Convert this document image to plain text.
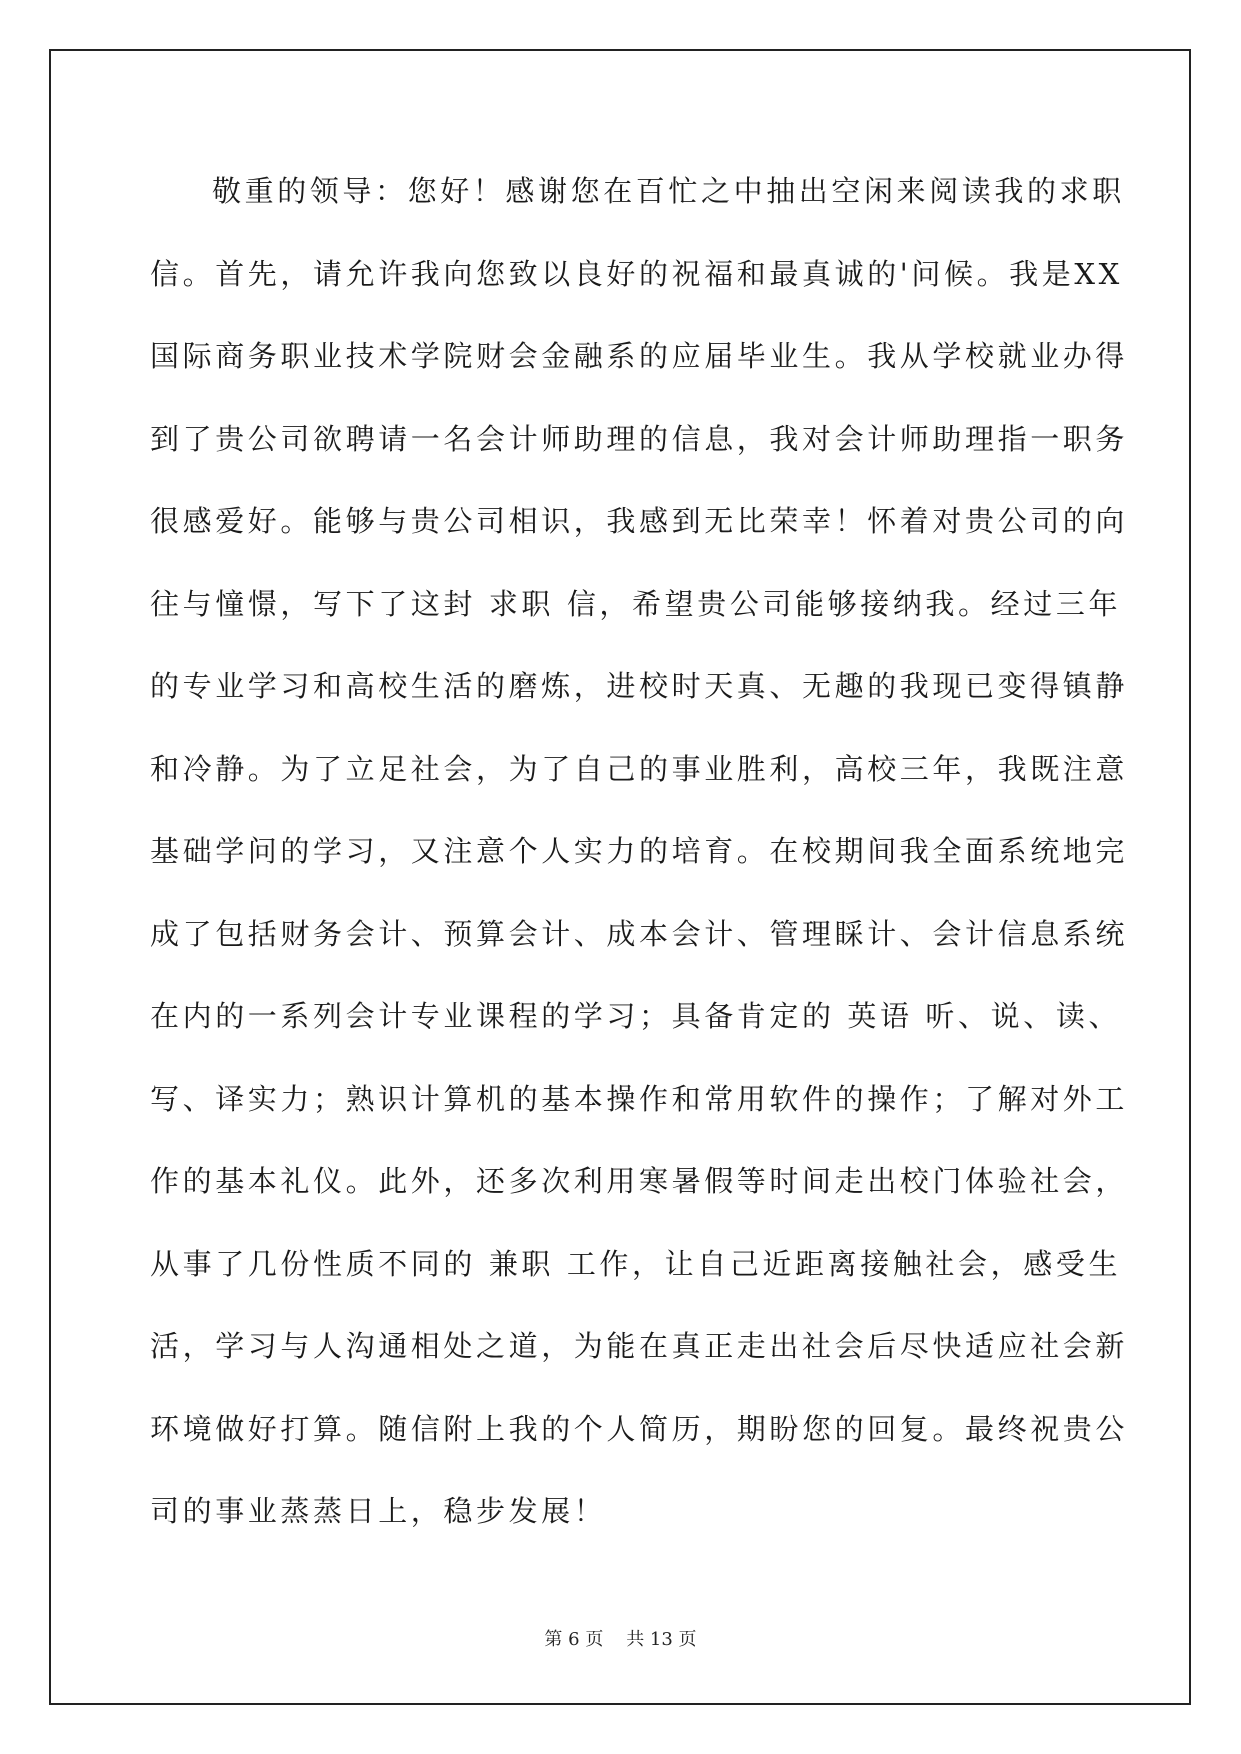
敬重的领导：您好！感谢您在百忙之中抽出空闲来阅读我的求职
信。首先，请允许我向您致以良好的祝福和最真诚的'问候。我是XX
国际商务职业技术学院财会金融系的应届毕业生。我从学校就业办得
到了贵公司欲聘请一名会计师助理的信息，我对会计师助理指一职务
很感爱好。能够与贵公司相识，我感到无比荣幸！怀着对贵公司的向
往与憧憬，写下了这封 求职 信，希望贵公司能够接纳我。经过三年
的专业学习和高校生活的磨炼，进校时天真、无趣的我现已变得镇静
和冷静。为了立足社会，为了自己的事业胜利，高校三年，我既注意
基础学问的学习，又注意个人实力的培育。在校期间我全面系统地完
成了包括财务会计、预算会计、成本会计、管理睬计、会计信息系统
在内的一系列会计专业课程的学习；具备肯定的 英语 听、说、读、
写、译实力；熟识计算机的基本操作和常用软件的操作；了解对外工
作的基本礼仪。此外，还多次利用寒暑假等时间走出校门体验社会，
从事了几份性质不同的 兼职 工作，让自己近距离接触社会，感受生
活，学习与人沟通相处之道，为能在真正走出社会后尽快适应社会新
环境做好打算。随信附上我的个人简历，期盼您的回复。最终祝贵公
司的事业蒸蒸日上，稳步发展！
第 6 页    共 13 页
